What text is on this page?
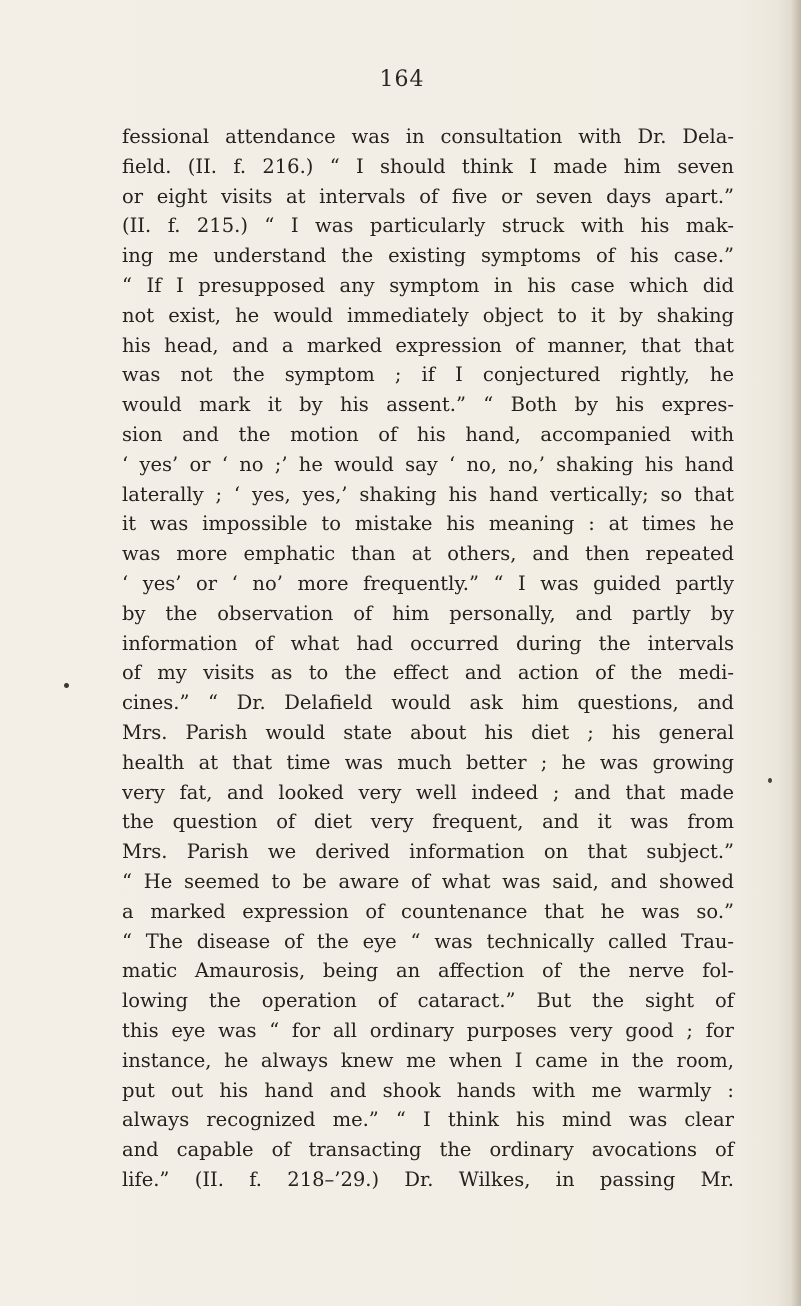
164
fessional attendance was in consultation with Dr. Dela-
field. (II. f. 216.) “ I should think I made him seven
or eight visits at intervals of five or seven days apart.”
(II. f. 215.) “ I was particularly struck with his mak-
ing me understand the existing symptoms of his case.”
“ If I presupposed any symptom in his case which did
not exist, he would immediately object to it by shaking
his head, and a marked expression of manner, that that
was not the symptom ; if I conjectured rightly, he
would mark it by his assent.” “ Both by his expres-
sion and the motion of his hand, accompanied with
‘ yes’ or ‘ no ;’ he would say ‘ no, no,’ shaking his hand
laterally ; ‘ yes, yes,’ shaking his hand vertically; so that
it was impossible to mistake his meaning : at times he
was more emphatic than at others, and then repeated
‘ yes’ or ‘ no’ more frequently.” “ I was guided partly
by the observation of him personally, and partly by
information of what had occurred during the intervals
of my visits as to the effect and action of the medi-
cines.” “ Dr. Delafield would ask him questions, and
Mrs. Parish would state about his diet ; his general
health at that time was much better ; he was growing
very fat, and looked very well indeed ; and that made
the question of diet very frequent, and it was from
Mrs. Parish we derived information on that subject.”
“ He seemed to be aware of what was said, and showed
a marked expression of countenance that he was so.”
“ The disease of the eye “ was technically called Trau-
matic Amaurosis, being an affection of the nerve fol-
lowing the operation of cataract.” But the sight of
this eye was “ for all ordinary purposes very good ; for
instance, he always knew me when I came in the room,
put out his hand and shook hands with me warmly :
always recognized me.” “ I think his mind was clear
and capable of transacting the ordinary avocations of
life.” (II. f. 218–’29.) Dr. Wilkes, in passing Mr.
